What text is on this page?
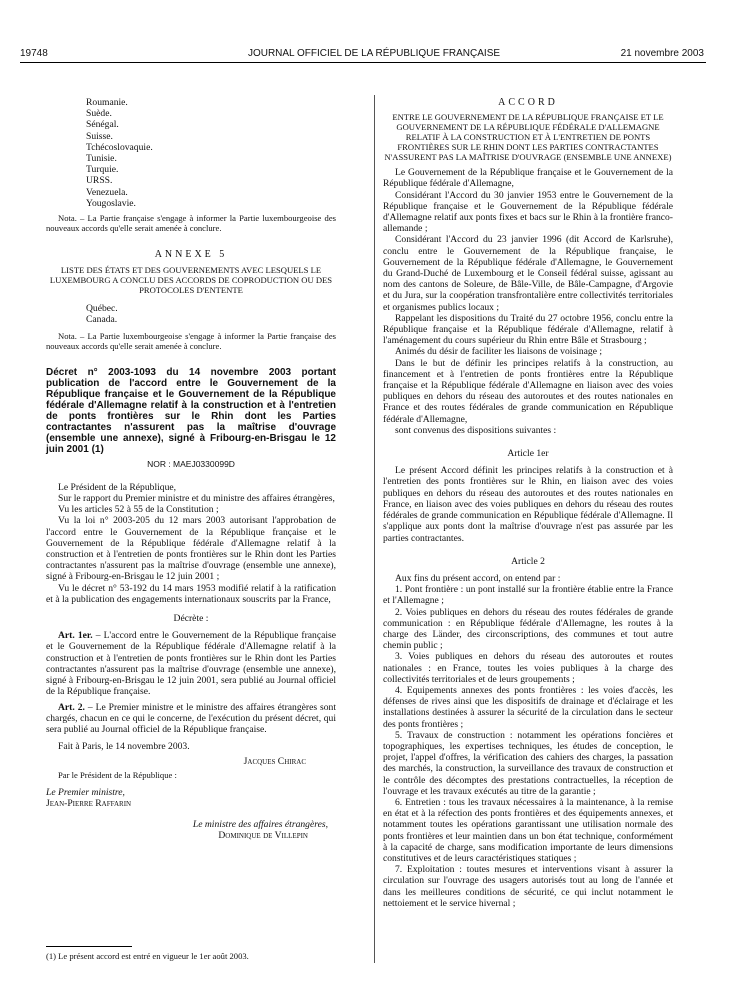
19748	JOURNAL OFFICIEL DE LA RÉPUBLIQUE FRANÇAISE	21 novembre 2003

Roumanie.

Suède.

Sénégal.

Suisse.

Tchécoslovaquie.

Tunisie.

Turquie.

URSS.

Venezuela.

Yougoslavie.

Nota. – La Partie française s'engage à informer la Partie luxembourgeoise des nouveaux accords qu'elle serait amenée à conclure.

ANNEXE 5

LISTE DES ÉTATS ET DES GOUVERNEMENTS AVEC LESQUELS LE LUXEMBOURG A CONCLU DES ACCORDS DE COPRODUCTION OU DES PROTOCOLES D'ENTENTE

Québec.

Canada.

Nota. – La Partie luxembourgeoise s'engage à informer la Partie française des nouveaux accords qu'elle serait amenée à conclure.

Décret n° 2003-1093 du 14 novembre 2003 portant publication de l'accord entre le Gouvernement de la République française et le Gouvernement de la République fédérale d'Allemagne relatif à la construction et à l'entretien de ponts frontières sur le Rhin dont les Parties contractantes n'assurent pas la maîtrise d'ouvrage (ensemble une annexe), signé à Fribourg-en-Brisgau le 12 juin 2001 (1)

NOR : MAEJ0330099D

Le Président de la République,

Sur le rapport du Premier ministre et du ministre des affaires étrangères,

Vu les articles 52 à 55 de la Constitution ;

Vu la loi n° 2003-205 du 12 mars 2003 autorisant l'approbation de l'accord entre le Gouvernement de la République française et le Gouvernement de la République fédérale d'Allemagne relatif à la construction et à l'entretien de ponts frontières sur le Rhin dont les Parties contractantes n'assurent pas la maîtrise d'ouvrage (ensemble une annexe), signé à Fribourg-en-Brisgau le 12 juin 2001 ;

Vu le décret n° 53-192 du 14 mars 1953 modifié relatif à la ratification et à la publication des engagements internationaux souscrits par la France,

Décrète :

Art. 1er. – L'accord entre le Gouvernement de la République française et le Gouvernement de la République fédérale d'Allemagne relatif à la construction et à l'entretien de ponts frontières sur le Rhin dont les Parties contractantes n'assurent pas la maîtrise d'ouvrage (ensemble une annexe), signé à Fribourg-en-Brisgau le 12 juin 2001, sera publié au Journal officiel de la République française.

Art. 2. – Le Premier ministre et le ministre des affaires étrangères sont chargés, chacun en ce qui le concerne, de l'exécution du présent décret, qui sera publié au Journal officiel de la République française.

Fait à Paris, le 14 novembre 2003.

Jacques Chirac

Par le Président de la République :

Le Premier ministre,

Jean-Pierre Raffarin

Le ministre des affaires étrangères,

Dominique de Villepin

(1) Le présent accord est entré en vigueur le 1er août 2003.

ACCORD

ENTRE LE GOUVERNEMENT DE LA RÉPUBLIQUE FRANÇAISE ET LE GOUVERNEMENT DE LA RÉPUBLIQUE FÉDÉRALE D'ALLEMAGNE RELATIF À LA CONSTRUCTION ET À L'ENTRETIEN DE PONTS FRONTIÈRES SUR LE RHIN DONT LES PARTIES CONTRACTANTES N'ASSURENT PAS LA MAÎTRISE D'OUVRAGE (ENSEMBLE UNE ANNEXE)

Le Gouvernement de la République française et le Gouvernement de la République fédérale d'Allemagne,

Considérant l'Accord du 30 janvier 1953 entre le Gouvernement de la République française et le Gouvernement de la République fédérale d'Allemagne relatif aux ponts fixes et bacs sur le Rhin à la frontière franco-allemande ;

Considérant l'Accord du 23 janvier 1996 (dit Accord de Karlsruhe), conclu entre le Gouvernement de la République française, le Gouvernement de la République fédérale d'Allemagne, le Gouvernement du Grand-Duché de Luxembourg et le Conseil fédéral suisse, agissant au nom des cantons de Soleure, de Bâle-Ville, de Bâle-Campagne, d'Argovie et du Jura, sur la coopération transfrontalière entre collectivités territoriales et organismes publics locaux ;

Rappelant les dispositions du Traité du 27 octobre 1956, conclu entre la République française et la République fédérale d'Allemagne, relatif à l'aménagement du cours supérieur du Rhin entre Bâle et Strasbourg ;

Animés du désir de faciliter les liaisons de voisinage ;

Dans le but de définir les principes relatifs à la construction, au financement et à l'entretien de ponts frontières entre la République française et la République fédérale d'Allemagne en liaison avec des voies publiques en dehors du réseau des autoroutes et des routes nationales en France et des routes fédérales de grande communication en République fédérale d'Allemagne,

sont convenus des dispositions suivantes :

Article 1er

Le présent Accord définit les principes relatifs à la construction et à l'entretien des ponts frontières sur le Rhin, en liaison avec des voies publiques en dehors du réseau des autoroutes et des routes nationales en France, en liaison avec des voies publiques en dehors du réseau des routes fédérales de grande communication en République fédérale d'Allemagne. Il s'applique aux ponts dont la maîtrise d'ouvrage n'est pas assurée par les parties contractantes.

Article 2

Aux fins du présent accord, on entend par :

1. Pont frontière : un pont installé sur la frontière établie entre la France et l'Allemagne ;

2. Voies publiques en dehors du réseau des routes fédérales de grande communication : en République fédérale d'Allemagne, les routes à la charge des Länder, des circonscriptions, des communes et tout autre chemin public ;

3. Voies publiques en dehors du réseau des autoroutes et routes nationales : en France, toutes les voies publiques à la charge des collectivités territoriales et de leurs groupements ;

4. Equipements annexes des ponts frontières : les voies d'accès, les défenses de rives ainsi que les dispositifs de drainage et d'éclairage et les installations destinées à assurer la sécurité de la circulation dans le secteur des ponts frontières ;

5. Travaux de construction : notamment les opérations foncières et topographiques, les expertises techniques, les études de conception, le projet, l'appel d'offres, la vérification des cahiers des charges, la passation des marchés, la construction, la surveillance des travaux de construction et le contrôle des décomptes des prestations contractuelles, la réception de l'ouvrage et les travaux exécutés au titre de la garantie ;

6. Entretien : tous les travaux nécessaires à la maintenance, à la remise en état et à la réfection des ponts frontières et des équipements annexes, et notamment toutes les opérations garantissant une utilisation normale des ponts frontières et leur maintien dans un bon état technique, conformément à la capacité de charge, sans modification importante de leurs dimensions constitutives et de leurs caractéristiques statiques ;

7. Exploitation : toutes mesures et interventions visant à assurer la circulation sur l'ouvrage des usagers autorisés tout au long de l'année et dans les meilleures conditions de sécurité, ce qui inclut notamment le nettoiement et le service hivernal ;
